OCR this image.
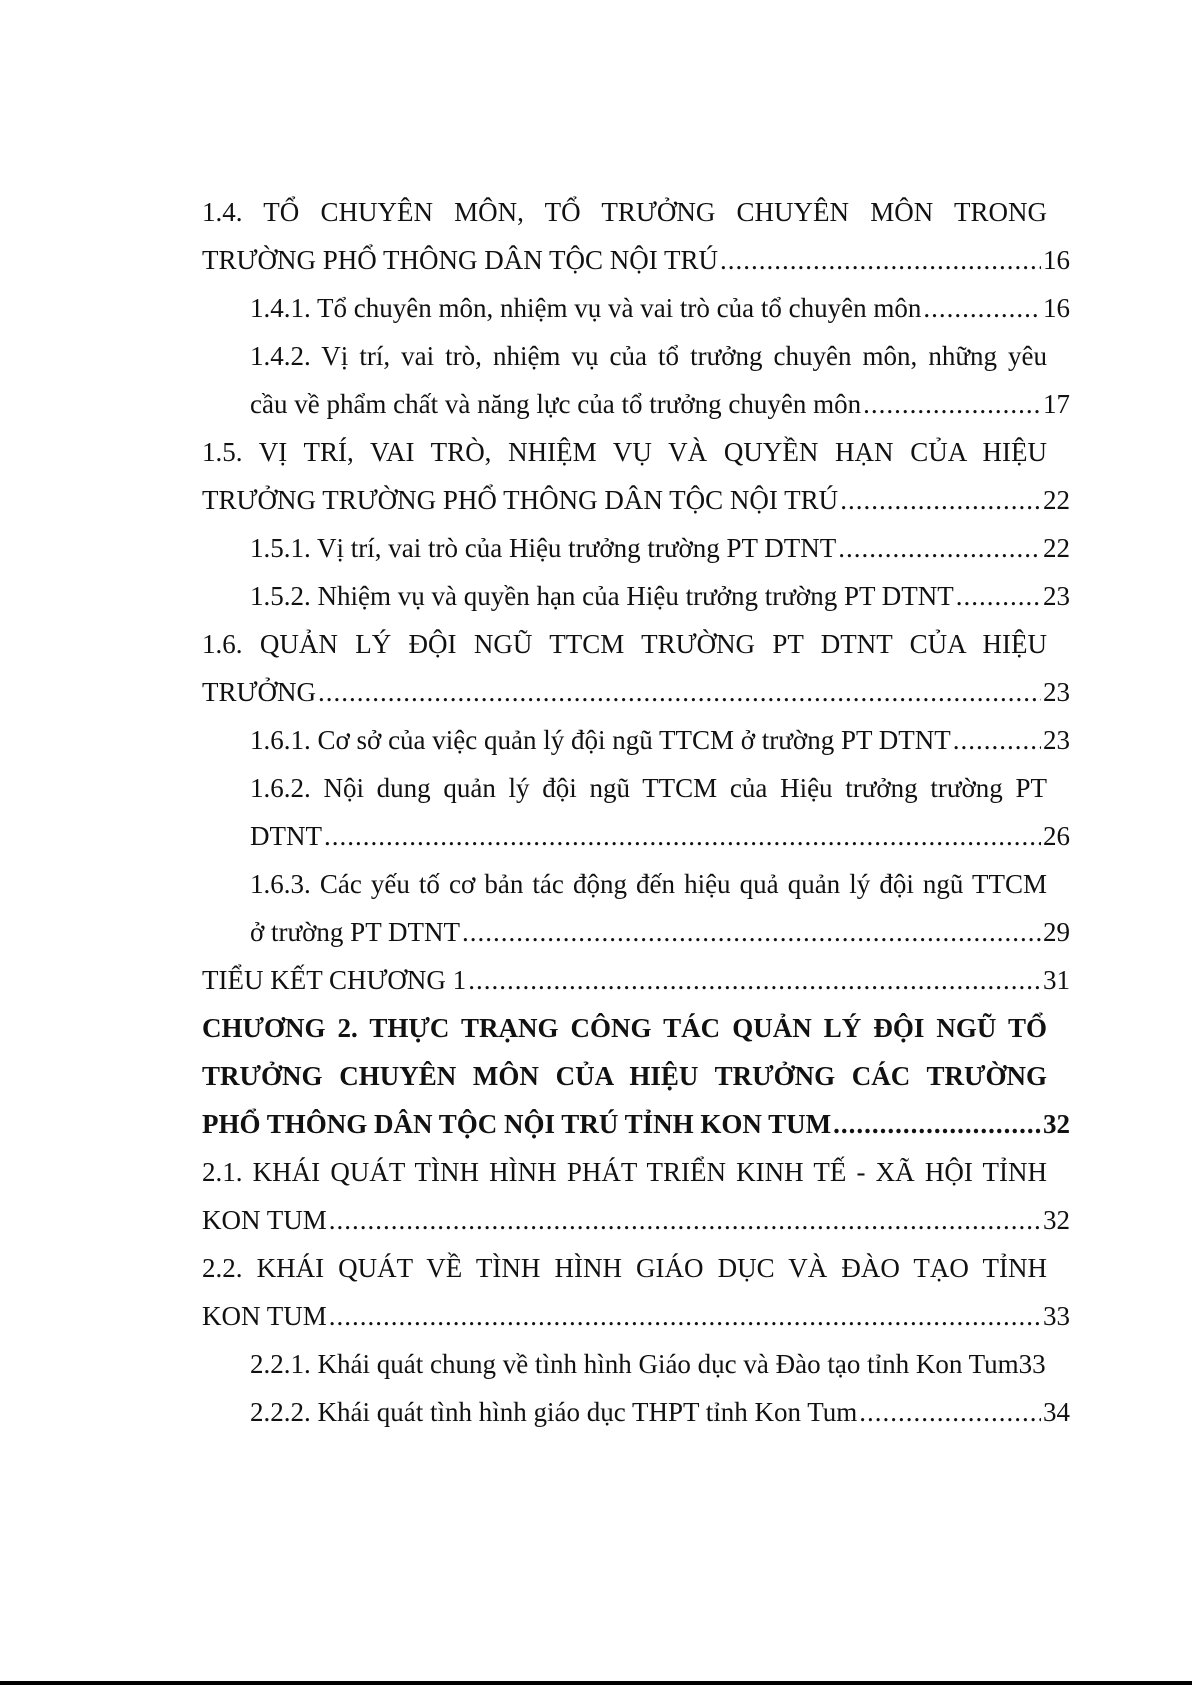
1.4. TỔ CHUYÊN MÔN, TỔ TRƯỞNG CHUYÊN MÔN TRONG
TRƯỜNG PHỔ THÔNG DÂN TỘC NỘI TRÚ .....	16
1.4.1. Tổ chuyên môn, nhiệm vụ và vai trò của tổ chuyên môn .....	16
1.4.2. Vị trí, vai trò, nhiệm vụ của tổ trưởng chuyên môn, những yêu
cầu về phẩm chất và năng lực của tổ trưởng chuyên môn .....	17
1.5. VỊ TRÍ, VAI TRÒ, NHIỆM VỤ VÀ QUYỀN HẠN CỦA HIỆU
TRƯỞNG TRƯỜNG PHỔ THÔNG DÂN TỘC NỘI TRÚ .....	22
1.5.1. Vị trí, vai trò của Hiệu trưởng trường PT DTNT .....	22
1.5.2. Nhiệm vụ và quyền hạn của Hiệu trưởng trường PT DTNT .....	23
1.6. QUẢN LÝ ĐỘI NGŨ TTCM TRƯỜNG PT DTNT CỦA HIỆU
TRƯỞNG .....	23
1.6.1. Cơ sở của việc quản lý đội ngũ TTCM ở trường PT DTNT .....	23
1.6.2. Nội dung quản lý đội ngũ TTCM của Hiệu trưởng trường PT
DTNT .....	26
1.6.3. Các yếu tố cơ bản tác động đến hiệu quả quản lý đội ngũ TTCM
ở trường PT DTNT .....	29
TIỂU KẾT CHƯƠNG 1 .....	31
CHƯƠNG 2. THỰC TRẠNG CÔNG TÁC QUẢN LÝ ĐỘI NGŨ TỔ
TRƯỞNG CHUYÊN MÔN CỦA HIỆU TRƯỞNG CÁC TRƯỜNG
PHỔ THÔNG DÂN TỘC NỘI TRÚ TỈNH KON TUM .....	32
2.1. KHÁI QUÁT TÌNH HÌNH PHÁT TRIỂN KINH TẾ - XÃ HỘI TỈNH
KON TUM .....	32
2.2. KHÁI QUÁT VỀ TÌNH HÌNH GIÁO DỤC VÀ ĐÀO TẠO TỈNH
KON TUM .....	33
2.2.1. Khái quát chung về tình hình Giáo dục và Đào tạo tỉnh Kon Tum 33
2.2.2. Khái quát tình hình giáo dục THPT tỉnh Kon Tum .....	34
